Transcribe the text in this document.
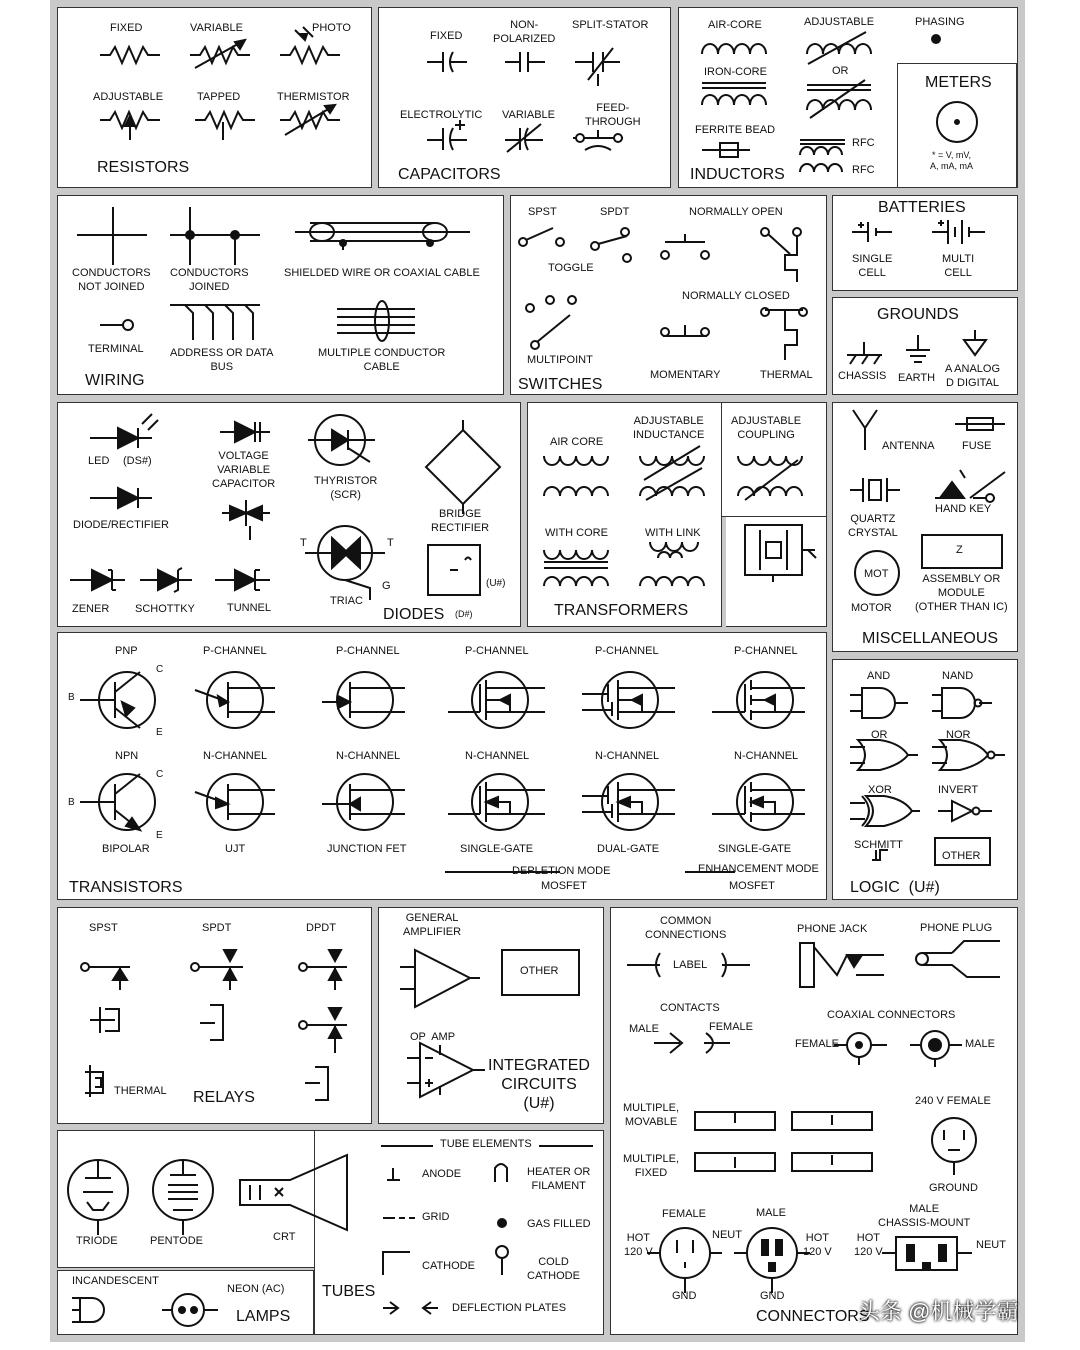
FIXED	VARIABLE	PHOTO
ADJUSTABLE	TAPPED	THERMISTOR
RESISTORS
FIXED
NON-
POLARIZED
SPLIT-STATOR
ELECTROLYTIC VARIABLE
FEED-
THROUGH
CAPACITORS
AIR-CORE	ADJUSTABLE	PHASING
IRON-CORE	OR
FERRITE BEAD
RFC
RFC
INDUCTORS
METERS
* = V, mV,
A, mA, mA
CONDUCTORS
NOT JOINED
CONDUCTORS
JOINED
SHIELDED WIRE OR COAXIAL CABLE
TERMINAL ADDRESS OR DATA
BUS
MULTIPLE CONDUCTOR
CABLE
WIRING
SPST	SPDT	NORMALLY OPEN
TOGGLE
NORMALLY CLOSED
MULTIPOINT
MOMENTARY	THERMAL
SWITCHES
BATTERIES
SINGLE
CELL
MULTI
CELL
GROUNDS
CHASSIS EARTH
A ANALOG
D DIGITAL
LED (DS#)	VOLTAGE
VARIABLE
CAPACITOR	THYRISTOR
(SCR)
BRIDGE
RECTIFIER
DIODE/RECTIFIER
ZENER SCHOTTKY	TUNNEL
TRIAC
T	T
G
(D#)
(U#)
DIODES
AIR CORE
ADJUSTABLE
INDUCTANCE
ADJUSTABLE
COUPLING
WITH CORE	WITH LINK
TRANSFORMERS
ANTENNA FUSE
QUARTZ
CRYSTAL
HAND KEY
MOT
MOTOR
Z
ASSEMBLY OR
MODULE
(OTHER THAN IC)
MISCELLANEOUS
PNP	P-CHANNEL	P-CHANNEL	P-CHANNEL	P-CHANNEL	P-CHANNEL
NPN	N-CHANNEL	N-CHANNEL	N-CHANNEL	N-CHANNEL	N-CHANNEL
BIPOLAR	UJT	JUNCTION FET	SINGLE-GATE	DUAL-GATE	SINGLE-GATE
DEPLETION MODE
MOSFET
ENHANCEMENT MODE
MOSFET
TRANSISTORS
B
C
E
B
C
E
AND	NAND
OR	NOR
XOR	INVERT
SCHMITT
OTHER
LOGIC  (U#)
SPST	SPDT	DPDT
THERMAL RELAYS
GENERAL
AMPLIFIER
OTHER
OP  AMP
INTEGRATED
CIRCUITS
(U#)
COMMON
CONNECTIONS
LABEL
PHONE JACK	PHONE PLUG
CONTACTS
MALE	FEMALE
COAXIAL CONNECTORS
FEMALE	MALE
MULTIPLE,
MOVABLE
240 V FEMALE
MULTIPLE,
FIXED
GROUND
FEMALE	MALE	MALE
CHASSIS-MOUNT
HOT
120 V
NEUT	HOT
120 V
HOT
120 V
NEUT
GND	GND
CONNECTORS
TRIODE	PENTODE	CRT
TUBE ELEMENTS
ANODE	HEATER OR
FILAMENT
GRID
GAS FILLED
CATHODE	COLD
CATHODE
DEFLECTION PLATES
TUBES
INCANDESCENT
NEON (AC)
LAMPS	头条 @机械学霸
